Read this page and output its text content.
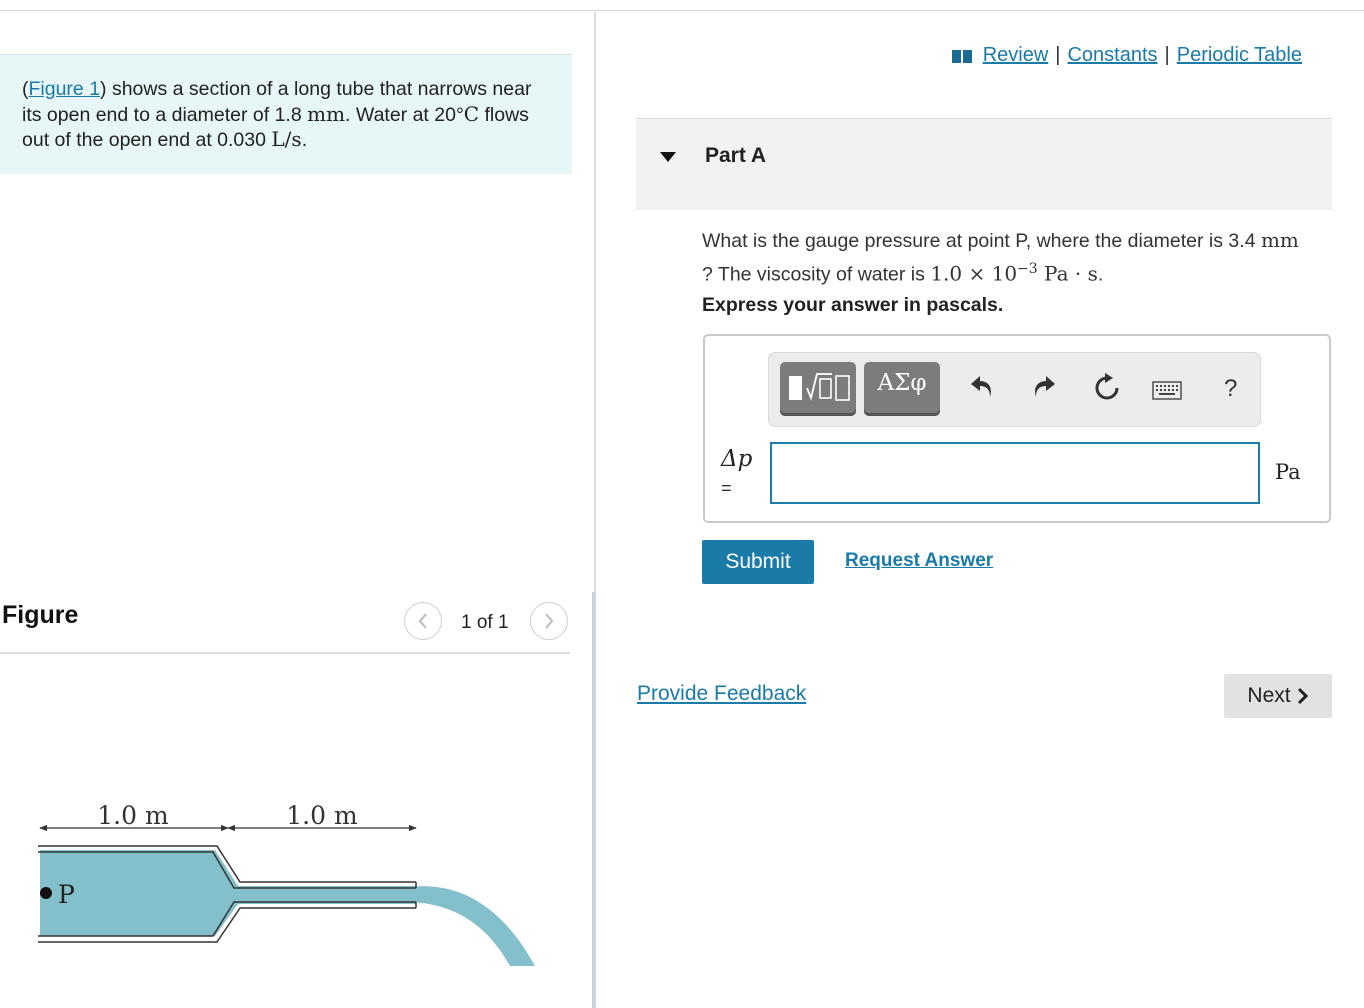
(Figure 1) shows a section of a long tube that narrows near its open end to a diameter of 1.8 mm. Water at 20°C flows out of the open end at 0.030 L/s.
Figure	1 of 1
1.0 m	1.0 m
P
Review | Constants | Periodic Table
Part A
What is the gauge pressure at point P, where the diameter is 3.4 mm ? The viscosity of water is $1.0 \times 10^{-3}$ Pa · s.
Express your answer in pascals.
ΑΣφ	?
Δp
=
Pa
Submit	Request Answer
Provide Feedback	Next
